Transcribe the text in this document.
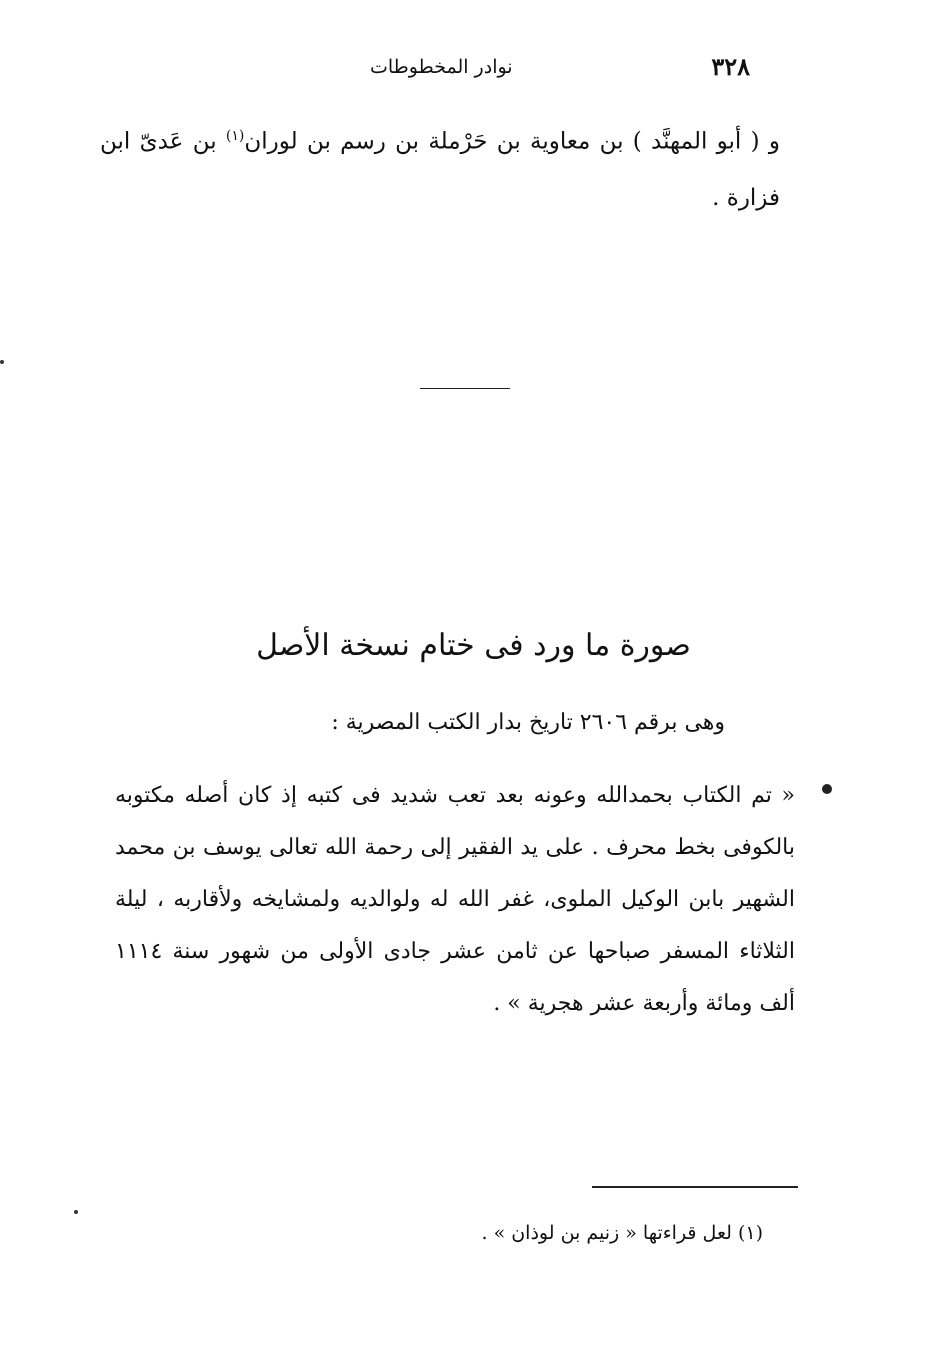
٣٢٨
نوادر المخطوطات
و ( أبو المهنَّد ) بن معاوية بن حَرْملة بن رسم بن لوران$^{(١)}$ بن عَدىّ ابن فزارة .
صورة ما ورد فى ختام نسخة الأصل
وهى برقم ٢٦٠٦ تاريخ بدار الكتب المصرية :

« تم الكتاب بحمدالله وعونه بعد تعب شديد فى كتبه إذ كان أصله مكتوبه بالكوفى بخط محرف . على يد الفقير إلى رحمة الله تعالى يوسف بن محمد الشهير بابن الوكيل الملوى، غفر الله له ولوالديه ولمشايخه ولأقاربه ، ليلة الثلاثاء المسفر صباحها عن ثامن عشر جادى الأولى من شهور سنة ١١١٤ ألف ومائة وأربعة عشر هجرية » .

(١) لعل قراءتها « زنيم بن لوذان » .
